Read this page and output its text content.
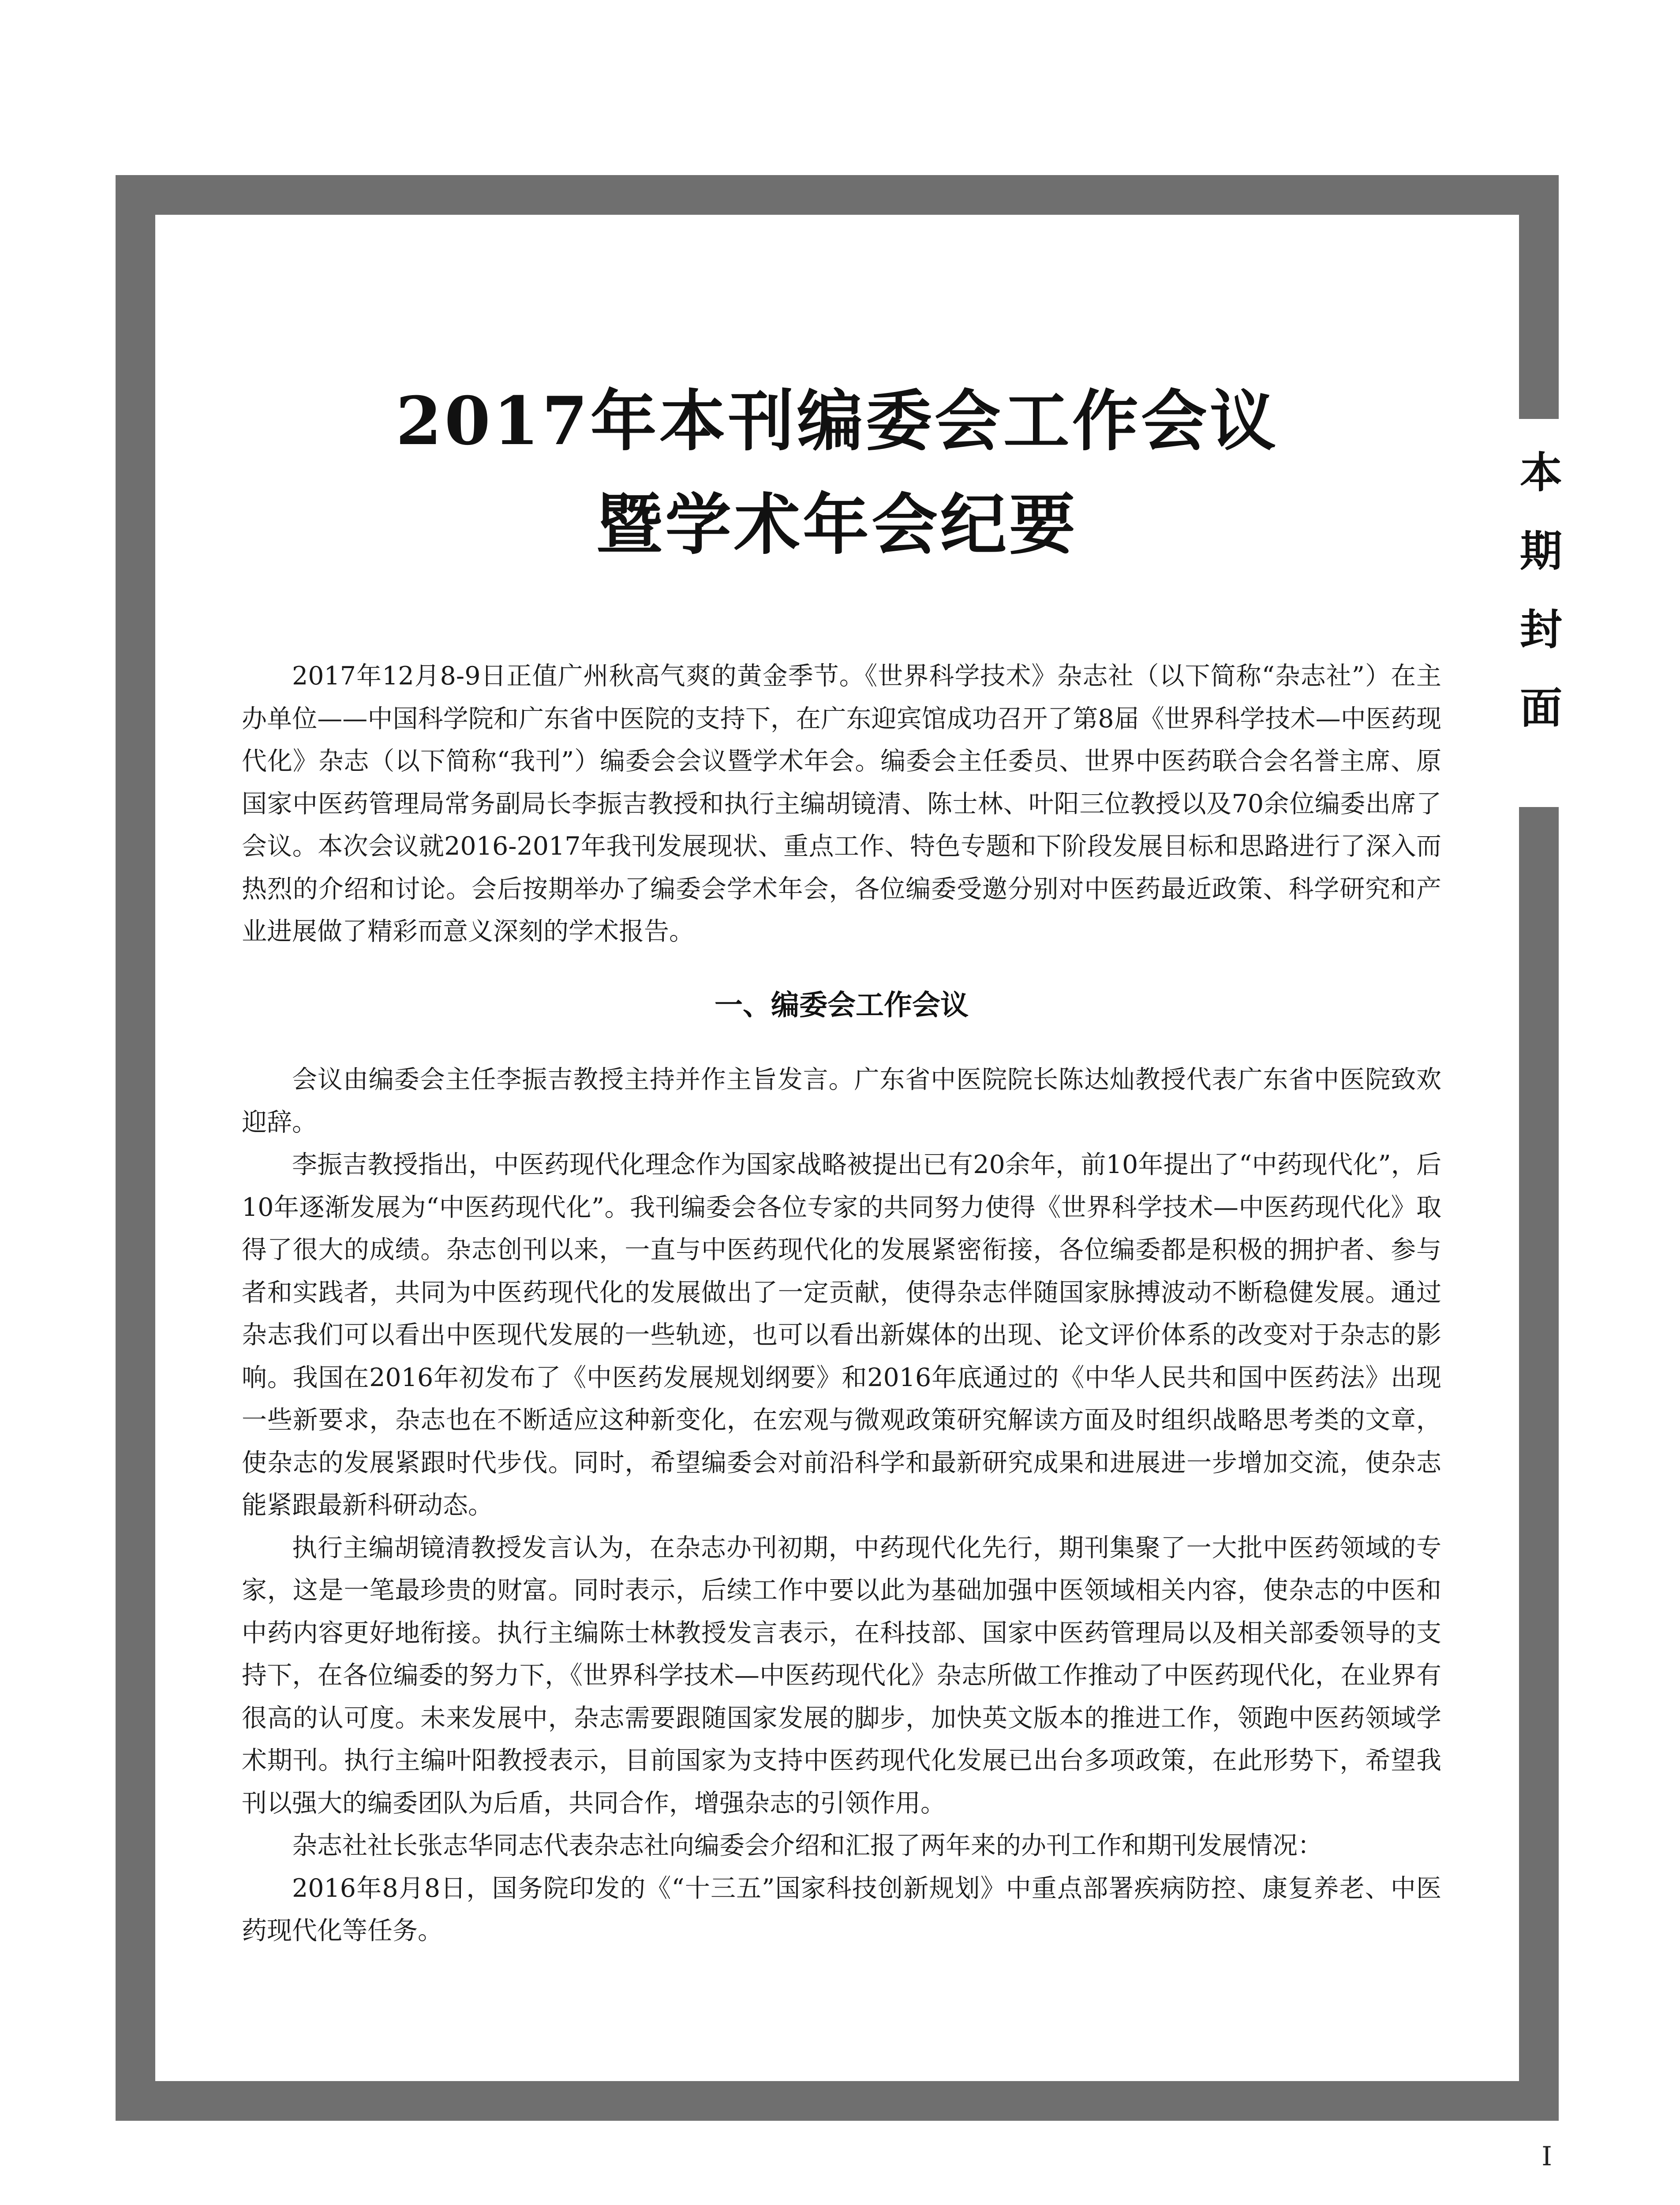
本
期
封
面
2017年本刊编委会工作会议
暨学术年会纪要

2017年12月8-9日正值广州秋高气爽的黄金季节。《世界科学技术》杂志社（以下简称“杂志社”）在主办单位——中国科学院和广东省中医院的支持下，在广东迎宾馆成功召开了第8届《世界科学技术—中医药现代化》杂志（以下简称“我刊”）编委会会议暨学术年会。编委会主任委员、世界中医药联合会名誉主席、原国家中医药管理局常务副局长李振吉教授和执行主编胡镜清、陈士林、叶阳三位教授以及70余位编委出席了会议。本次会议就2016-2017年我刊发展现状、重点工作、特色专题和下阶段发展目标和思路进行了深入而热烈的介绍和讨论。会后按期举办了编委会学术年会，各位编委受邀分别对中医药最近政策、科学研究和产业进展做了精彩而意义深刻的学术报告。

一、编委会工作会议

会议由编委会主任李振吉教授主持并作主旨发言。广东省中医院院长陈达灿教授代表广东省中医院致欢迎辞。

李振吉教授指出，中医药现代化理念作为国家战略被提出已有20余年，前10年提出了“中药现代化”，后10年逐渐发展为“中医药现代化”。我刊编委会各位专家的共同努力使得《世界科学技术—中医药现代化》取得了很大的成绩。杂志创刊以来，一直与中医药现代化的发展紧密衔接，各位编委都是积极的拥护者、参与者和实践者，共同为中医药现代化的发展做出了一定贡献，使得杂志伴随国家脉搏波动不断稳健发展。通过杂志我们可以看出中医现代发展的一些轨迹，也可以看出新媒体的出现、论文评价体系的改变对于杂志的影响。我国在2016年初发布了《中医药发展规划纲要》和2016年底通过的《中华人民共和国中医药法》出现一些新要求，杂志也在不断适应这种新变化，在宏观与微观政策研究解读方面及时组织战略思考类的文章，使杂志的发展紧跟时代步伐。同时，希望编委会对前沿科学和最新研究成果和进展进一步增加交流，使杂志能紧跟最新科研动态。

执行主编胡镜清教授发言认为，在杂志办刊初期，中药现代化先行，期刊集聚了一大批中医药领域的专家，这是一笔最珍贵的财富。同时表示，后续工作中要以此为基础加强中医领域相关内容，使杂志的中医和中药内容更好地衔接。执行主编陈士林教授发言表示，在科技部、国家中医药管理局以及相关部委领导的支持下，在各位编委的努力下，《世界科学技术—中医药现代化》杂志所做工作推动了中医药现代化，在业界有很高的认可度。未来发展中，杂志需要跟随国家发展的脚步，加快英文版本的推进工作，领跑中医药领域学术期刊。执行主编叶阳教授表示，目前国家为支持中医药现代化发展已出台多项政策，在此形势下，希望我刊以强大的编委团队为后盾，共同合作，增强杂志的引领作用。

杂志社社长张志华同志代表杂志社向编委会介绍和汇报了两年来的办刊工作和期刊发展情况：

2016年8月8日，国务院印发的《“十三五”国家科技创新规划》中重点部署疾病防控、康复养老、中医药现代化等任务。

I
